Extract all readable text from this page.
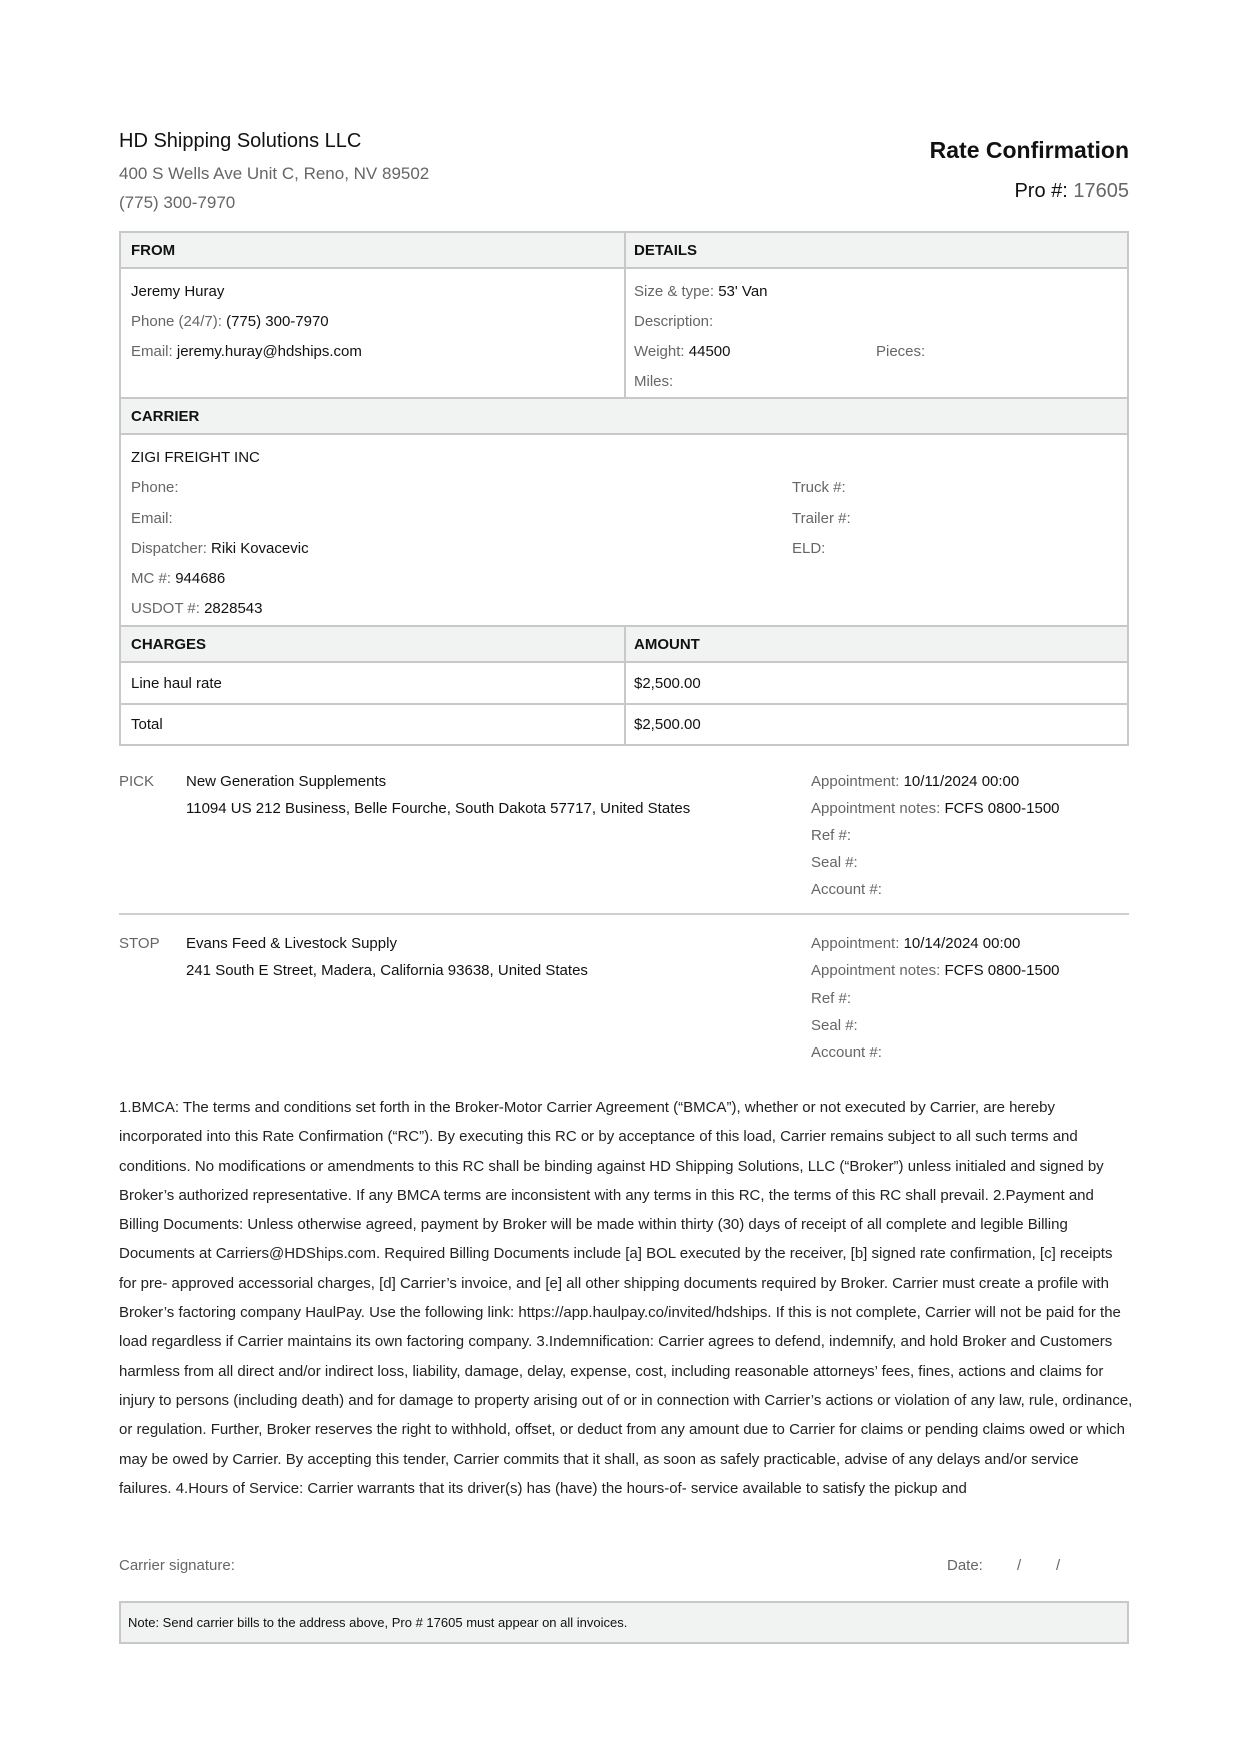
HD Shipping Solutions LLC
400 S Wells Ave Unit C, Reno, NV 89502
(775) 300-7970
Rate Confirmation
Pro #: 17605
FROM	DETAILS
Jeremy Huray
Phone (24/7): (775) 300-7970
Email: jeremy.huray@hdships.com
Size & type: 53' Van
Description:
Weight: 44500	Pieces:
Miles:
CARRIER
ZIGI FREIGHT INC
Phone:
Email:
Dispatcher: Riki Kovacevic
MC #: 944686
USDOT #: 2828543
Truck #:
Trailer #:
ELD:
CHARGES	AMOUNT
Line haul rate	$2,500.00
Total	$2,500.00
PICK New Generation Supplements
11094 US 212 Business, Belle Fourche, South Dakota 57717, United States
Appointment: 10/11/2024 00:00
Appointment notes: FCFS 0800-1500
Ref #:
Seal #:
Account #:
STOP Evans Feed & Livestock Supply
241 South E Street, Madera, California 93638, United States
Appointment: 10/14/2024 00:00
Appointment notes: FCFS 0800-1500
Ref #:
Seal #:
Account #:
1.BMCA: The terms and conditions set forth in the Broker-Motor Carrier Agreement (“BMCA”), whether or not executed by Carrier, are hereby incorporated into this Rate Confirmation (“RC”). By executing this RC or by acceptance of this load, Carrier remains subject to all such terms and conditions. No modifications or amendments to this RC shall be binding against HD Shipping Solutions, LLC (“Broker”) unless initialed and signed by Broker’s authorized representative. If any BMCA terms are inconsistent with any terms in this RC, the terms of this RC shall prevail. 2.Payment and Billing Documents: Unless otherwise agreed, payment by Broker will be made within thirty (30) days of receipt of all complete and legible Billing Documents at Carriers@HDShips.com. Required Billing Documents include [a] BOL executed by the receiver, [b] signed rate confirmation, [c] receipts for pre- approved accessorial charges, [d] Carrier’s invoice, and [e] all other shipping documents required by Broker. Carrier must create a profile with Broker’s factoring company HaulPay. Use the following link: https://app.haulpay.co/invited/hdships. If this is not complete, Carrier will not be paid for the load regardless if Carrier maintains its own factoring company. 3.Indemnification: Carrier agrees to defend, indemnify, and hold Broker and Customers harmless from all direct and/or indirect loss, liability, damage, delay, expense, cost, including reasonable attorneys’ fees, fines, actions and claims for injury to persons (including death) and for damage to property arising out of or in connection with Carrier’s actions or violation of any law, rule, ordinance, or regulation. Further, Broker reserves the right to withhold, offset, or deduct from any amount due to Carrier for claims or pending claims owed or which may be owed by Carrier. By accepting this tender, Carrier commits that it shall, as soon as safely practicable, advise of any delays and/or service failures. 4.Hours of Service: Carrier warrants that its driver(s) has (have) the hours-of- service available to satisfy the pickup and
Carrier signature:	Date: / /
Note: Send carrier bills to the address above, Pro # 17605 must appear on all invoices.
